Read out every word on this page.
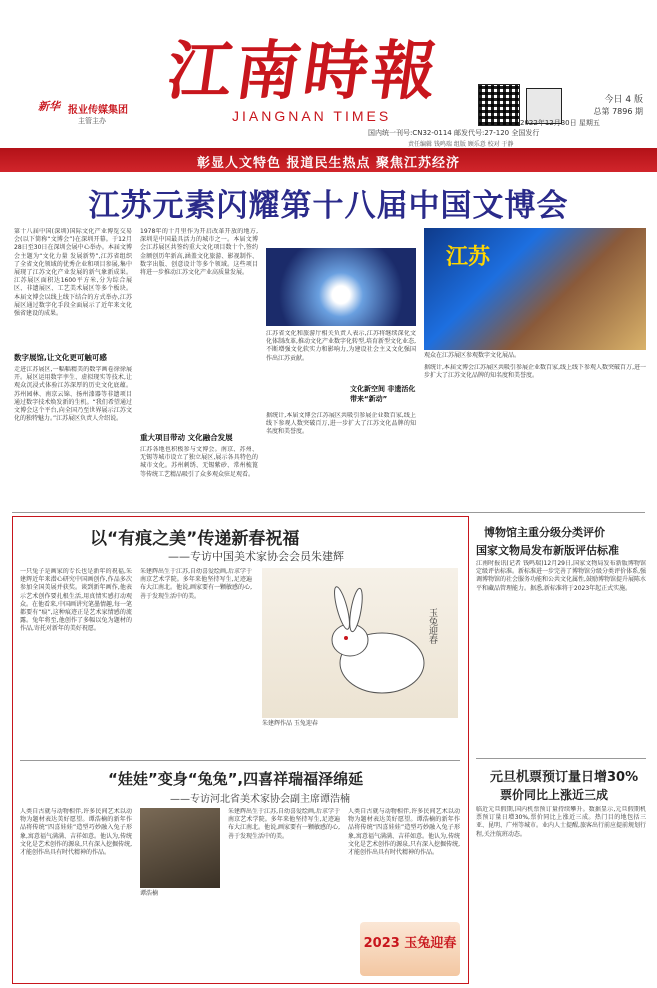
新华 报业传媒集团
主管主办
江南時報
JIANGNAN TIMES
今日 4 版
总第 7896 期
2022年12月30日 星期五
国内统一刊号:CN32-0114 邮发代号:27-120 全国发行
责任编辑 钱鸣瑞 组版 顾乐意 校对 于静
彰显人文特色 报道民生热点 聚焦江苏经济
江苏元素闪耀第十八届中国文博会
第十八届中国(深圳)国际文化产业博览交易会(以下简称“文博会”)在深圳开幕。于12月28日至30日在深圳会展中心举办。本届文博会主题为“文化力量 发展新势”,江苏省组织了全省文化领域的优秀企业和项目参展,集中展现了江苏文化产业发展的新气象新成果。江苏展区面积达1600平方米,分为综合展区、非遗展区、工艺美术展区等多个板块。本届文博会以线上线下结合的方式举办,江苏展区通过数字化手段全面展示了近年来文化强省建设的成果。
数字展馆,让文化更可触可感
走进江苏展区,一幅幅精美的数字画卷徐徐展开。展区运用数字孪生、虚拟现实等技术,让观众沉浸式体验江苏深厚的历史文化底蕴。苏州园林、南京云锦、扬州漆器等非遗项目通过数字技术焕发新的生机。“我们希望通过文博会这个平台,向全国乃至世界展示江苏文化的独特魅力。”江苏展区负责人介绍说。
1978年的十月里作为开启改革开放的地方,深圳是中国最具活力的城市之一。本届文博会江苏展区共签约重大文化项目数十个,签约金额创历年新高,涵盖文化旅游、影视制作、数字出版、创意设计等多个领域。这些项目将进一步推动江苏文化产业高质量发展。
重大项目带动 文化融合发展
江苏各地也积极参与文博会。南京、苏州、无锡等城市设立了独立展区,展示各具特色的城市文化。苏州刺绣、无锡紫砂、常州梳篦等传统工艺精品吸引了众多观众驻足观看。
江苏省文化和旅游厅相关负责人表示,江苏将继续深化文化体制改革,推动文化产业数字化转型,培育新型文化业态,不断增强文化软实力和影响力,为建设社会主义文化强国作出江苏贡献。
文化新空间 非遗活化带来“新动”
据统计,本届文博会江苏展区共吸引参展企业数百家,线上线下参观人数突破百万,进一步扩大了江苏文化品牌的知名度和美誉度。
江苏
观众在江苏展区参观数字文化展品。
据统计,本届文博会江苏展区共吸引参展企业数百家,线上线下参观人数突破百万,进一步扩大了江苏文化品牌的知名度和美誉度。
以“有痕之美”传递新春祝福
——专访中国美术家协会会员朱建辉
一只兔子是画家的专长也是新年的祝福,朱建辉近年来潜心研究中国画创作,作品多次参加全国美展并获奖。谈到新年画作,他表示艺术创作要扎根生活,用真情实感打动观众。在他看来,中国画讲究笔墨情趣,每一笔都要有“痕”,这种痕迹正是艺术家情感的流露。兔年将至,他创作了多幅以兔为题材的作品,寄托对新年的美好祝愿。
朱建辉出生于江苏,自幼喜爱绘画,后求学于南京艺术学院。多年来他坚持写生,足迹遍布大江南北。他说,画家要有一颗敏感的心,善于发现生活中的美。
玉兔迎春
朱建辉作品 玉兔迎春
“娃娃”变身“兔兔”,四喜祥瑞福泽绵延
——专访河北省美术家协会副主席谭浩楠
人类自古就与动物相伴,许多民间艺术以动物为题材表达美好愿望。谭浩楠的新年作品将传统“四喜娃娃”造型巧妙融入兔子形象,寓意福气满满、吉祥如意。他认为,传统文化是艺术创作的源泉,只有深入挖掘传统,才能创作出具有时代精神的作品。
谭浩楠
朱建辉出生于江苏,自幼喜爱绘画,后求学于南京艺术学院。多年来他坚持写生,足迹遍布大江南北。他说,画家要有一颗敏感的心,善于发现生活中的美。
人类自古就与动物相伴,许多民间艺术以动物为题材表达美好愿望。谭浩楠的新年作品将传统“四喜娃娃”造型巧妙融入兔子形象,寓意福气满满、吉祥如意。他认为,传统文化是艺术创作的源泉,只有深入挖掘传统,才能创作出具有时代精神的作品。
2023 玉兔迎春
博物馆主重分级分类评价
国家文物局发布新版评估标准
江南时报讯(记者 钱鸣瑞)12月29日,国家文物局发布新版博物馆定级评估标准。新标准进一步完善了博物馆分级分类评价体系,强调博物馆的社会服务功能和公共文化属性,鼓励博物馆提升展陈水平和藏品管理能力。据悉,新标准将于2023年起正式实施。
元旦机票预订量日增30%
票价同比上涨近三成
临近元旦假期,国内机票预订量持续攀升。数据显示,元旦假期机票预订量日增30%,票价同比上涨近三成。热门目的地包括三亚、昆明、广州等城市。业内人士提醒,旅客出行前应提前规划行程,关注航班动态。
